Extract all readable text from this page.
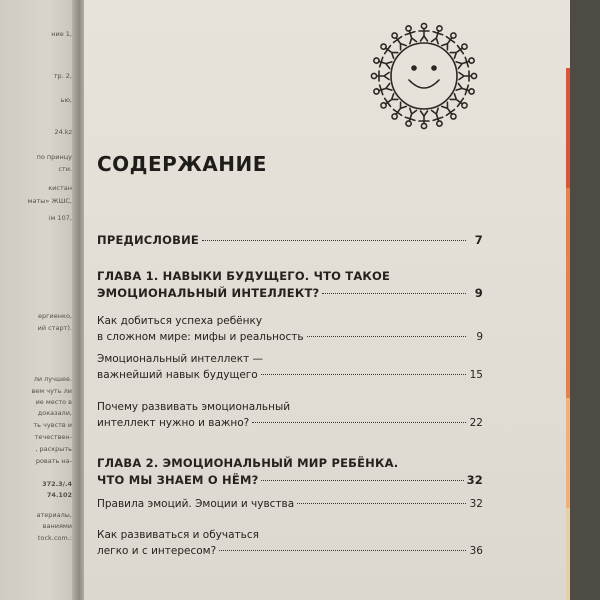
ние 1,
тр. 2,
ью,
24.kz
по принцу
сти.
кистан
маты» ЖШС,
ім 107,
ергиенко,
ий старт).
ли лучшее.
вем чуть ли
ие место в
доказали,
ть чувств и
течествен-
, раскрыть
ровать на-
372.3/.4
74.102
атериалы,
ваниями
tock.com.:
СОДЕРЖАНИЕ
ПРЕДИСЛОВИЕ	7
ГЛАВА 1. НАВЫКИ БУДУЩЕГО. ЧТО ТАКОЕ
ЭМОЦИОНАЛЬНЫЙ ИНТЕЛЛЕКТ?	9
Как добиться успеха ребёнку
в сложном мире: мифы и реальность	9
Эмоциональный интеллект —
важнейший навык будущего	15
Почему развивать эмоциональный
интеллект нужно и важно?	22
ГЛАВА 2. ЭМОЦИОНАЛЬНЫЙ МИР РЕБЁНКА.
ЧТО МЫ ЗНАЕМ О НЁМ?	32
Правила эмоций. Эмоции и чувства	32
Как развиваться и обучаться
легко и с интересом?	36
